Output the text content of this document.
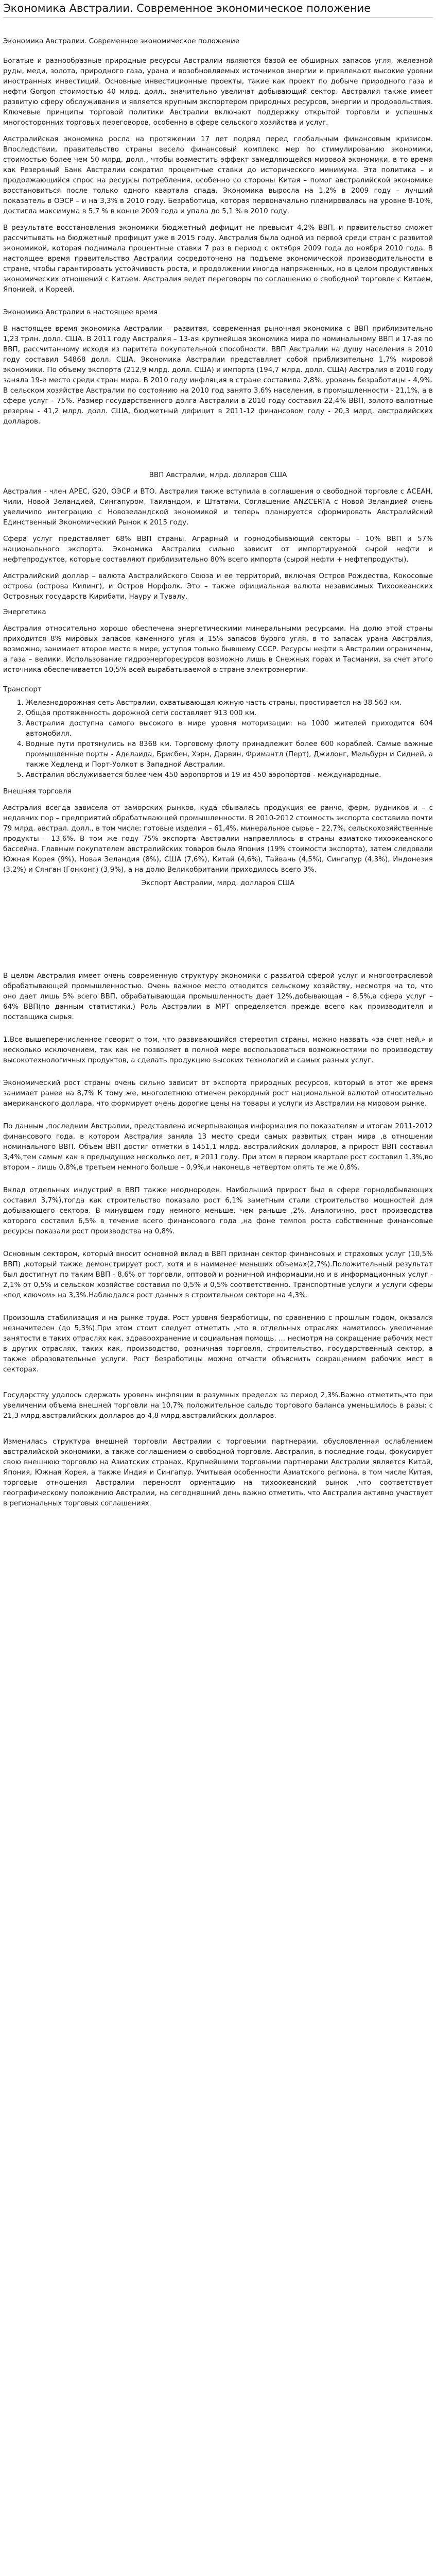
Экономика Австралии. Современное экономическое положение
Экономика Австралии. Современное экономическое положение

Богатые и разнообразные природные ресурсы Австралии являются базой ее обширных запасов угля, железной руды, меди, золота, природного газа, урана и возобновляемых источников энергии и привлекают высокие уровни иностранных инвестиций. Основные инвестиционные проекты, такие как проект по добыче природного газа и нефти Gorgon стоимостью 40 млрд. долл., значительно увеличат добывающий сектор. Австралия также имеет развитую сферу обслуживания и является крупным экспортером природных ресурсов, энергии и продовольствия. Ключевые принципы торговой политики Австралии включают поддержку открытой торговли и успешных многосторонних торговых переговоров, особенно в сфере сельского хозяйства и услуг.

Австралийская экономика росла на протяжении 17 лет подряд перед глобальным финансовым кризисом. Впоследствии, правительство страны весело финансовый комплекс мер по стимулированию экономики, стоимостью более чем 50 млрд. долл., чтобы возместить эффект замедляющейся мировой экономики, в то время как Резервный Банк Австралии сократил процентные ставки до исторического минимума. Эта политика – и продолжающийся спрос на ресурсы потребления, особенно со стороны Китая – помог австралийской экономике восстановиться после только одного квартала спада. Экономика выросла на 1,2% в 2009 году – лучший показатель в ОЭСР – и на 3,3% в 2010 году. Безработица, которая первоначально планировалась на уровне 8-10%, достигла максимума в 5,7 % в конце 2009 года и упала до 5,1 % в 2010 году.

В результате восстановления экономики бюджетный дефицит не превысит 4,2% ВВП, и правительство сможет рассчитывать на бюджетный профицит уже в 2015 году. Австралия была одной из первой среди стран с развитой экономикой, которая поднимала процентные ставки 7 раз в период с октября 2009 года до ноября 2010 года. В настоящее время правительство Австралии сосредоточено на подъеме экономической производительности в стране, чтобы гарантировать устойчивость роста, и продолжении иногда напряженных, но в целом продуктивных экономических отношений с Китаем. Австралия ведет переговоры по соглашению о свободной торговле с Китаем, Японией, и Кореей.

Экономика Австралии в настоящее время

В настоящее время экономика Австралии – развитая, современная рыночная экономика с ВВП приблизительно 1,23 трлн. долл. США. В 2011 году Австралия – 13-ая крупнейшая экономика мира по номинальному ВВП и 17-ая по ВВП, рассчитанному исходя из паритета покупательной способности. ВВП Австралии на душу населения в 2010 году составил 54868 долл. США. Экономика Австралии представляет собой приблизительно 1,7% мировой экономики. По объему экспорта (212,9 млрд. долл. США) и импорта (194,7 млрд. долл. США) Австралия в 2010 году заняла 19-е место среди стран мира. В 2010 году инфляция в стране составила 2,8%, уровень безработицы - 4,9%. В сельском хозяйстве Австралии по состоянию на 2010 год занято 3,6% населения, в промышленности - 21,1%, а в сфере услуг - 75%. Размер государственного долга Австралии в 2010 году составил 22,4% ВВП, золото-валютные резервы - 41,2 млрд. долл. США, бюджетный дефицит в 2011-12 финансовом году - 20,3 млрд. австралийских долларов.

ВВП Австралии, млрд. долларов США

Австралия - член APEC, G20, ОЭСР и ВТО. Австралия также вступила в соглашения о свободной торговле с АСЕАН, Чили, Новой Зеландией, Сингапуром, Таиландом, и Штатами. Соглашение ANZCERTA с Новой Зеландией очень увеличило интеграцию с Новозеландской экономикой и теперь планируется сформировать Австралийский Единственный Экономический Рынок к 2015 году.

Сфера услуг представляет 68% ВВП страны. Аграрный и горнодобывающий секторы – 10% ВВП и 57% национального экспорта. Экономика Австралии сильно зависит от импортируемой сырой нефти и нефтепродуктов, которые составляют приблизительно 80% всего импорта (сырой нефти + нефтепродукты).

Австралийский доллар – валюта Австралийского Союза и ее территорий, включая Остров Рождества, Кокосовые острова (острова Килинг), и Остров Норфолк. Это – также официальная валюта независимых Тихоокеанских Островных государств Кирибати, Науру и Тувалу.

Энергетика

Австралия относительно хорошо обеспечена энергетическими минеральными ресурсами. На долю этой страны приходится 8% мировых запасов каменного угля и 15% запасов бурого угля, в то запасах урана Австралия, возможно, занимает второе место в мире, уступая только бывшему СССР. Ресурсы нефти в Австралии ограничены, а газа – велики. Использование гидроэнергоресурсов возможно лишь в Снежных горах и Тасмании, за счет этого источника обеспечивается 10,5% всей вырабатываемой в стране электроэнергии.

Транспорт
1. Железнодорожная сеть Австралии, охватывающая южную часть страны, простирается на 38 563 км.
2. Общая протяженность дорожной сети составляет 913 000 км.
3. Австралия доступна самого высокого в мире уровня моторизации: на 1000 жителей приходится 604 автомобиля.
4. Водные пути протянулись на 8368 км. Торговому флоту принадлежит более 600 кораблей. Самые важные промышленные порты - Аделаида, Брисбен, Хэрн, Дарвин, Фримантл (Перт), Джилонг, Мельбурн и Сидней, а также Хедленд и Порт-Уолкот в Западной Австралии.
5. Австралия обслуживается более чем 450 аэропортов и 19 из 450 аэропортов - международные.
Внешняя торговля

Австралия всегда зависела от заморских рынков, куда сбывалась продукция ее ранчо, ферм, рудников и – с недавних пор – предприятий обрабатывающей промышленности. В 2010-2012 стоимость экспорта составила почти 79 млрд. австрал. долл., в том числе: готовые изделия – 61,4%, минеральное сырье – 22,7%, сельскохозяйственные продукты – 13,6%. В том же году 75% экспорта Австралии направлялось в страны азиатско-тихоокеанского бассейна. Главным покупателем австралийских товаров была Япония (19% стоимости экспорта), затем следовали Южная Корея (9%), Новая Зеландия (8%), США (7,6%), Китай (4,6%), Тайвань (4,5%), Сингапур (4,3%), Индонезия (3,2%) и Сянган (Гонконг) (3,9%), а на долю Великобритании приходилось всего 3%.

Экспорт Австралии, млрд. долларов США

В целом Австралия имеет очень современную структуру экономики с развитой сферой услуг и многоотраслевой обрабатывающей промышленностью. Очень важное место отводится сельскому хозяйству, несмотря на то, что оно дает лишь 5% всего ВВП, обрабатывающая промышленность дает 12%,добывающая – 8,5%,а сфера услуг – 64% ВВП(по данным статистики.) Роль Австралии в МРТ определяется прежде всего как производителя и поставщика сырья.

1.Все вышеперечисленное говорит о том, что развивающийся стереотип страны, можно назвать «за счет ней,» и несколько исключением, так как не позволяет в полной мере воспользоваться возможностями по производству высокотехнологичных продуктов, а сделать продукцию высоких технологий и самых разных услуг.

Экономический рост страны очень сильно зависит от экспорта природных ресурсов, который в этот же время занимает ранее на 8,7% К тому же, многолетнюю отмечен рекордный рост национальной валютой относительно американского доллара, что формирует очень дорогие цены на товары и услуги из Австралии на мировом рынке.

По данным ,последним Австралии, представлена исчерпывающая информация по показателям и итогам 2011-2012 финансового года, в котором Австралия заняла 13 место среди самых развитых стран мира ,в отношении номинального ВВП. Объем ВВП достиг отметки в 1451,1 млрд. австралийских долларов, а прирост ВВП составил 3,4%,тем самым как в предыдущие несколько лет, в 2011 году. При этом в первом квартале рост составил 1,3%,во втором – лишь 0,8%,в третьем немного больше – 0,9%,и наконец,в четвертом опять те же 0,8%.

Вклад отдельных индустрий в ВВП также неоднороден. Наибольший прирост был в сфере горнодобывающих составил 3,7%),тогда как строительство показало рост 6,1% заметным стали строительство мощностей для добывающего сектора. В минувшем году немного меньше, чем раньше ,2%. Аналогично, рост производства которого составил 6,5% в течение всего финансового года ,на фоне темпов роста собственные финансовые ресурсы показали рост производства на 0,8%.

Основным сектором, который вносит основной вклад в ВВП признан сектор финансовых и страховых услуг (10,5% ВВП) ,который также демонстрирует рост, хотя и в наименее меньших объемах(2,7%).Положительный результат был достигнут по таким ВВП - 8,6% от торговли, оптовой и розничной информации,но и в информационных услуг - 2,1% от 0,5% и сельском хозяйстве составил по 0,5% и 0,5% соответственно. Транспортные услуги и услуги сферы «под ключом» на 3,3%.Наблюдался рост данных в строительном секторе на 4,3%.

Произошла стабилизация и на рынке труда. Рост уровня безработицы, по сравнению с прошлым годом, оказался незначителен (до 5,3%).При этом стоит следует отметить ,что в отдельных отраслях наметилось увеличение занятости в таких отраслях как, здравоохранение и социальная помощь, ... несмотря на сокращение рабочих мест в других отраслях, таких как, производство, розничная торговля, строительство, государственный сектор, а также образовательные услуги. Рост безработицы можно отчасти объяснить сокращением рабочих мест в секторах.

Государству удалось сдержать уровень инфляции в разумных пределах за период 2,3%.Важно отметить,что при увеличении объема внешней торговли на 10,7% положительное сальдо торгового баланса уменьшилось в разы: с 21,3 млрд.австралийских долларов до 4,8 млрд.австралийских долларов.

Изменилась структура внешней торговли Австралии с торговыми партнерами, обусловленная ослаблением австралийской экономики, а также соглашением о свободной торговле. Австралия, в последние годы, фокусирует свою внешнюю торговлю на Азиатских странах. Крупнейшими торговыми партнерами Австралии является Китай, Япония, Южная Корея, а также Индия и Сингапур. Учитывая особенности Азиатского региона, в том числе Китая, торговые отношения Австралии переносят ориентацию на тихоокеанский рынок ,что соответствует географическому положению Австралии, на сегодняшний день важно отметить, что Австралия активно участвует в региональных торговых соглашениях.
